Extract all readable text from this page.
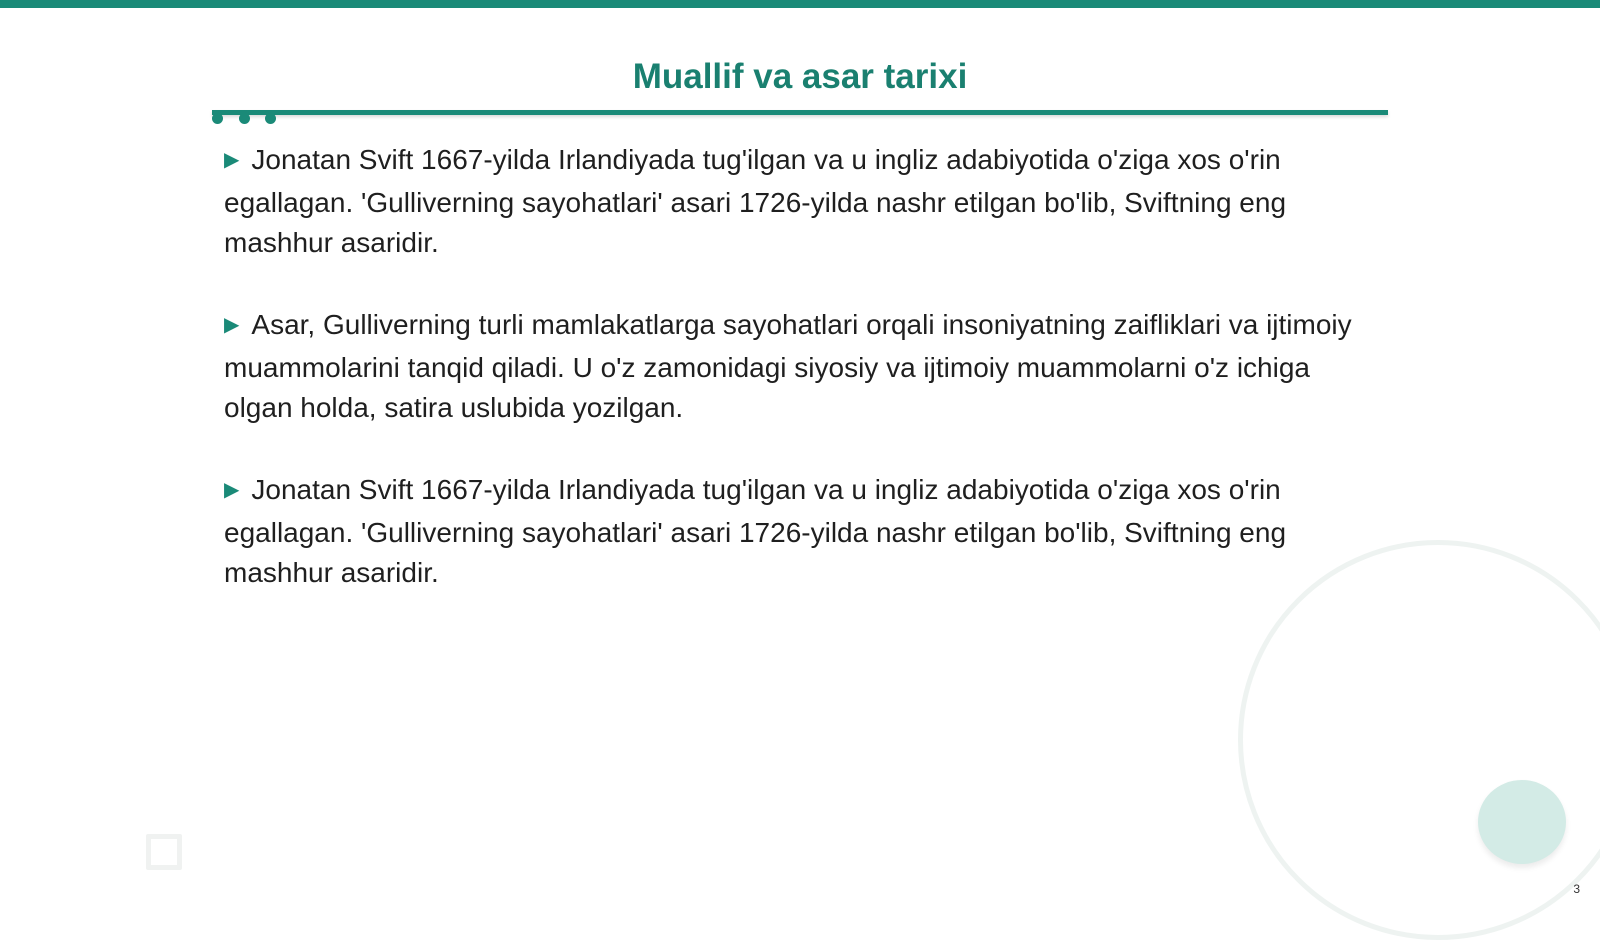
Muallif va asar tarixi

▶ Jonatan Svift 1667-yilda Irlandiyada tug'ilgan va u ingliz adabiyotida o'ziga xos o'rin egallagan. 'Gulliverning sayohatlari' asari 1726-yilda nashr etilgan bo'lib, Sviftning eng mashhur asaridir.

▶ Asar, Gulliverning turli mamlakatlarga sayohatlari orqali insoniyatning zaifliklari va ijtimoiy muammolarini tanqid qiladi. U o'z zamonidagi siyosiy va ijtimoiy muammolarni o'z ichiga olgan holda, satira uslubida yozilgan.

▶ Jonatan Svift 1667-yilda Irlandiyada tug'ilgan va u ingliz adabiyotida o'ziga xos o'rin egallagan. 'Gulliverning sayohatlari' asari 1726-yilda nashr etilgan bo'lib, Sviftning eng mashhur asaridir.

3
